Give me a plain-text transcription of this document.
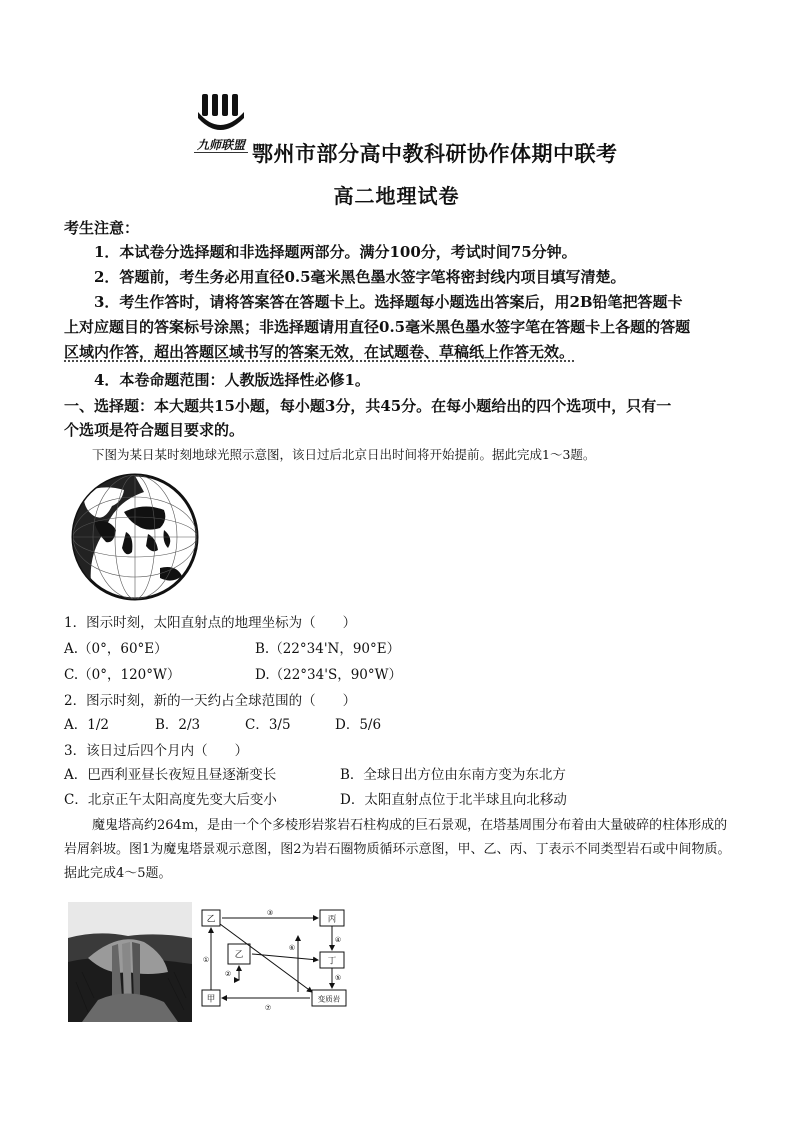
九师联盟 鄂州市部分高中教科研协作体期中联考
高二地理试卷
考生注意：
1．本试卷分选择题和非选择题两部分。满分100分，考试时间75分钟。
2．答题前，考生务必用直径0.5毫米黑色墨水签字笔将密封线内项目填写清楚。
3．考生作答时，请将答案答在答题卡上。选择题每小题选出答案后，用2B铅笔把答题卡
上对应题目的答案标号涂黑；非选择题请用直径0.5毫米黑色墨水签字笔在答题卡上各题的答题
区域内作答，超出答题区域书写的答案无效，在试题卷、草稿纸上作答无效。
4．本卷命题范围：人教版选择性必修1。
一、选择题：本大题共15小题，每小题3分，共45分。在每小题给出的四个选项中，只有一
个选项是符合题目要求的。
下图为某日某时刻地球光照示意图，该日过后北京日出时间将开始提前。据此完成1～3题。
1．图示时刻，太阳直射点的地理坐标为（　　）
A.（0°，60°E）	B.（22°34'N，90°E）
C.（0°，120°W）	D.（22°34'S，90°W）
2．图示时刻，新的一天约占全球范围的（　　）
A．1/2	B．2/3	C．3/5	D．5/6
3．该日过后四个月内（　　）
A．巴西利亚昼长夜短且昼逐渐变长	B．全球日出方位由东南方变为东北方
C．北京正午太阳高度先变大后变小	D．太阳直射点位于北半球且向北移动
魔鬼塔高约264m，是由一个个多棱形岩浆岩石柱构成的巨石景观，在塔基周围分布着由大量破碎的柱体形成的岩屑斜坡。图1为魔鬼塔景观示意图，图2为岩石圈物质循环示意图，甲、乙、丙、丁表示不同类型岩石或中间物质。据此完成4～5题。
乙
乙
丙
丁
甲	变质岩
①
②
③
④
⑤
⑥
⑦
